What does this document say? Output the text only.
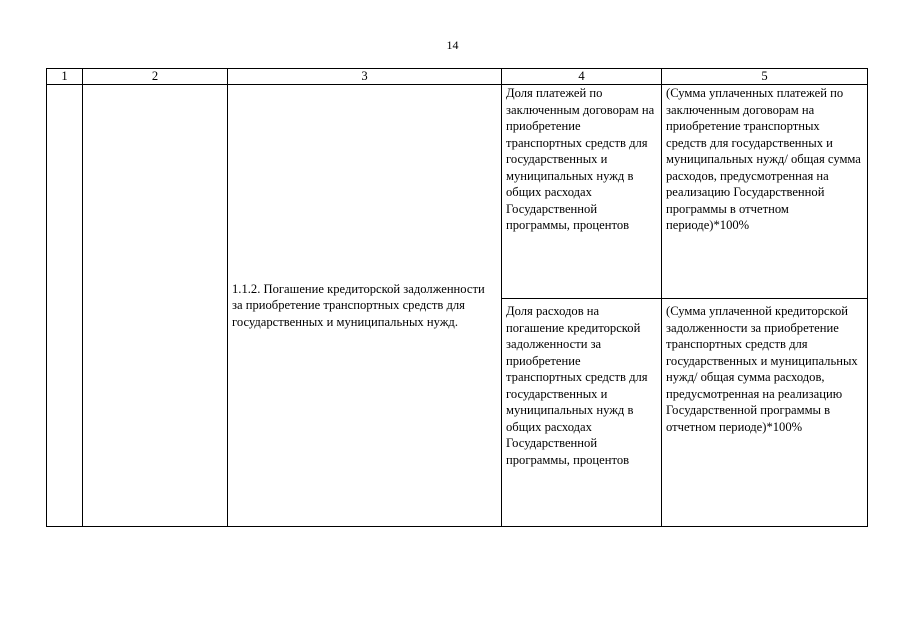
14
1	2	3	4	5

		1.1.2. Погашение кредиторской задолженности за приобретение транспортных средств для государственных и муниципальных нужд.	Доля платежей по заключенным договорам на приобретение транспортных средств для государственных и муниципальных нужд в общих расходах Государственной программы, процентов	(Сумма уплаченных платежей по заключенным договорам на приобретение транспортных средств для государственных и муниципальных нужд/ общая сумма расходов, предусмотренная на реализацию Государственной программы в отчетном периоде)*100%

			Доля расходов на погашение кредиторской задолженности за приобретение транспортных средств для государственных и муниципальных нужд в общих расходах Государственной программы, процентов	(Сумма уплаченной кредиторской задолженности за приобретение транспортных средств для государственных и муниципальных нужд/ общая сумма расходов, предусмотренная на реализацию Государственной программы в отчетном периоде)*100%
